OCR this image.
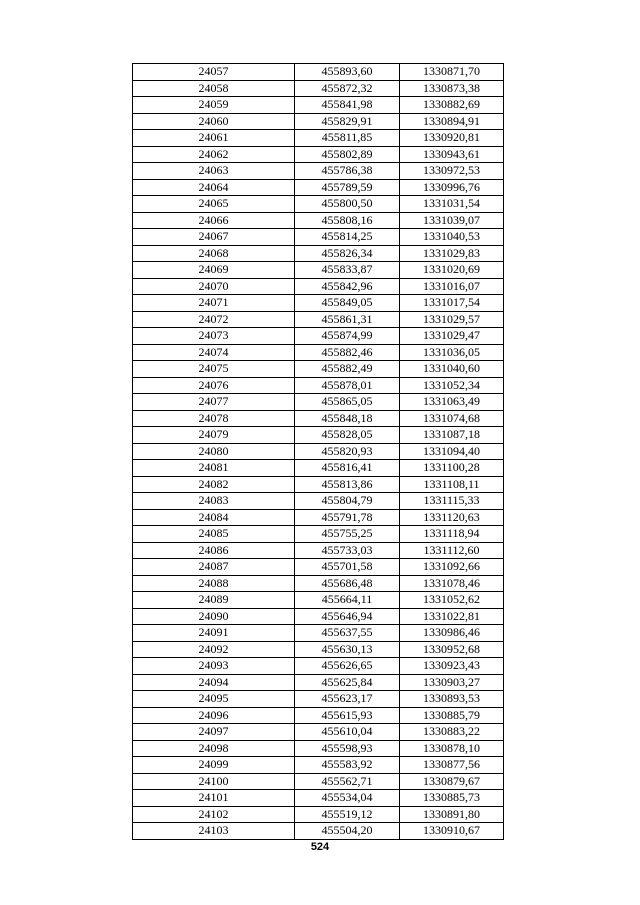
24057	455893,60	1330871,70
24058	455872,32	1330873,38
24059	455841,98	1330882,69
24060	455829,91	1330894,91
24061	455811,85	1330920,81
24062	455802,89	1330943,61
24063	455786,38	1330972,53
24064	455789,59	1330996,76
24065	455800,50	1331031,54
24066	455808,16	1331039,07
24067	455814,25	1331040,53
24068	455826,34	1331029,83
24069	455833,87	1331020,69
24070	455842,96	1331016,07
24071	455849,05	1331017,54
24072	455861,31	1331029,57
24073	455874,99	1331029,47
24074	455882,46	1331036,05
24075	455882,49	1331040,60
24076	455878,01	1331052,34
24077	455865,05	1331063,49
24078	455848,18	1331074,68
24079	455828,05	1331087,18
24080	455820,93	1331094,40
24081	455816,41	1331100,28
24082	455813,86	1331108,11
24083	455804,79	1331115,33
24084	455791,78	1331120,63
24085	455755,25	1331118,94
24086	455733,03	1331112,60
24087	455701,58	1331092,66
24088	455686,48	1331078,46
24089	455664,11	1331052,62
24090	455646,94	1331022,81
24091	455637,55	1330986,46
24092	455630,13	1330952,68
24093	455626,65	1330923,43
24094	455625,84	1330903,27
24095	455623,17	1330893,53
24096	455615,93	1330885,79
24097	455610,04	1330883,22
24098	455598,93	1330878,10
24099	455583,92	1330877,56
24100	455562,71	1330879,67
24101	455534,04	1330885,73
24102	455519,12	1330891,80
24103	455504,20	1330910,67
524
